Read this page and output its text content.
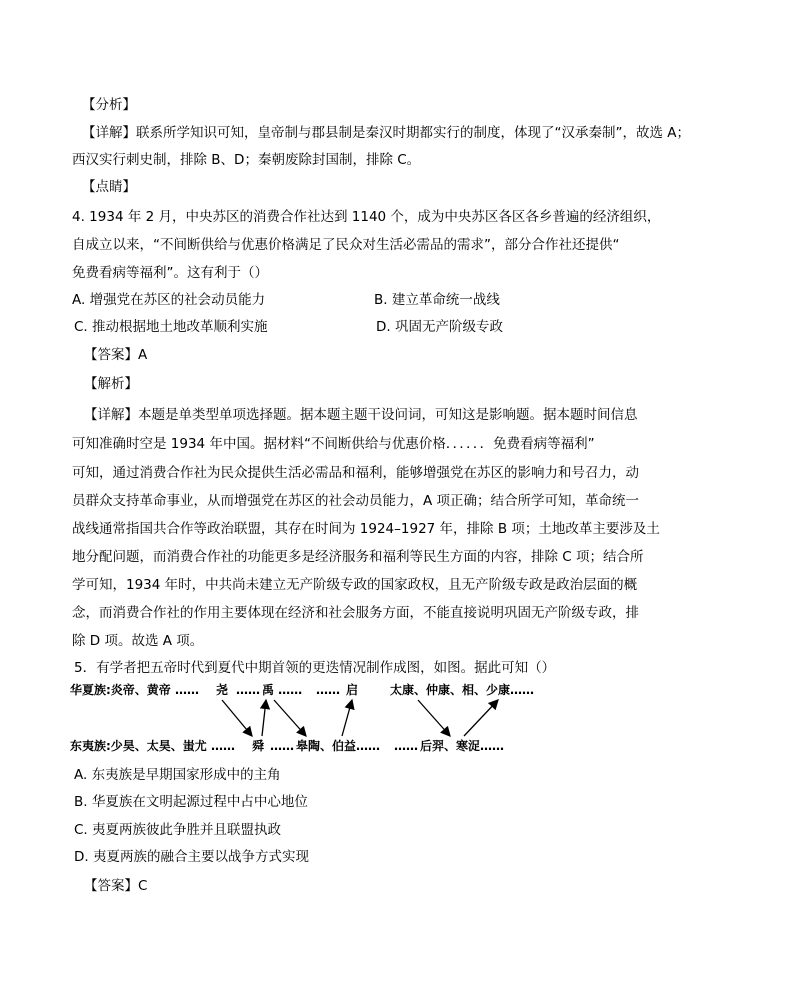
【分析】
【详解】联系所学知识可知，皇帝制与郡县制是秦汉时期都实行的制度，体现了“汉承秦制”，故选 A；
西汉实行刺史制，排除 B、D；秦朝废除封国制，排除 C。
【点睛】
4. 1934 年 2 月，中央苏区的消费合作社达到 1140 个，成为中央苏区各区各乡普遍的经济组织，
自成立以来，“不间断供给与优惠价格满足了民众对生活必需品的需求”，部分合作社还提供“
免费看病等福利”。这有利于（）
A. 增强党在苏区的社会动员能力	B. 建立革命统一战线
C. 推动根据地土地改革顺利实施	D. 巩固无产阶级专政
【答案】A
【解析】
【详解】本题是单类型单项选择题。据本题主题干设问词，可知这是影响题。据本题时间信息
可知准确时空是 1934 年中国。据材料“不间断供给与优惠价格．．．．．．免费看病等福利”
可知，通过消费合作社为民众提供生活必需品和福利，能够增强党在苏区的影响力和号召力，动
员群众支持革命事业，从而增强党在苏区的社会动员能力，A 项正确；结合所学可知，革命统一
战线通常指国共合作等政治联盟，其存在时间为 1924–1927 年，排除 B 项；土地改革主要涉及土
地分配问题，而消费合作社的功能更多是经济服务和福利等民生方面的内容，排除 C 项；结合所
学可知，1934 年时，中共尚未建立无产阶级专政的国家政权，且无产阶级专政是政治层面的概
念，而消费合作社的作用主要体现在经济和社会服务方面，不能直接说明巩固无产阶级专政，排
除 D 项。故选 A 项。
5．有学者把五帝时代到夏代中期首领的更迭情况制作成图，如图。据此可知（）
华夏族:炎帝、黄帝 …… 尧 …… 禹 …… …… 启	太康、仲康、相、少康……
东夷族:少昊、太昊、蚩尤 …… 舜 …… 皋陶、伯益…… …… 后羿、寒浞……
A. 东夷族是早期国家形成中的主角
B. 华夏族在文明起源过程中占中心地位
C. 夷夏两族彼此争胜并且联盟执政
D. 夷夏两族的融合主要以战争方式实现
【答案】C
